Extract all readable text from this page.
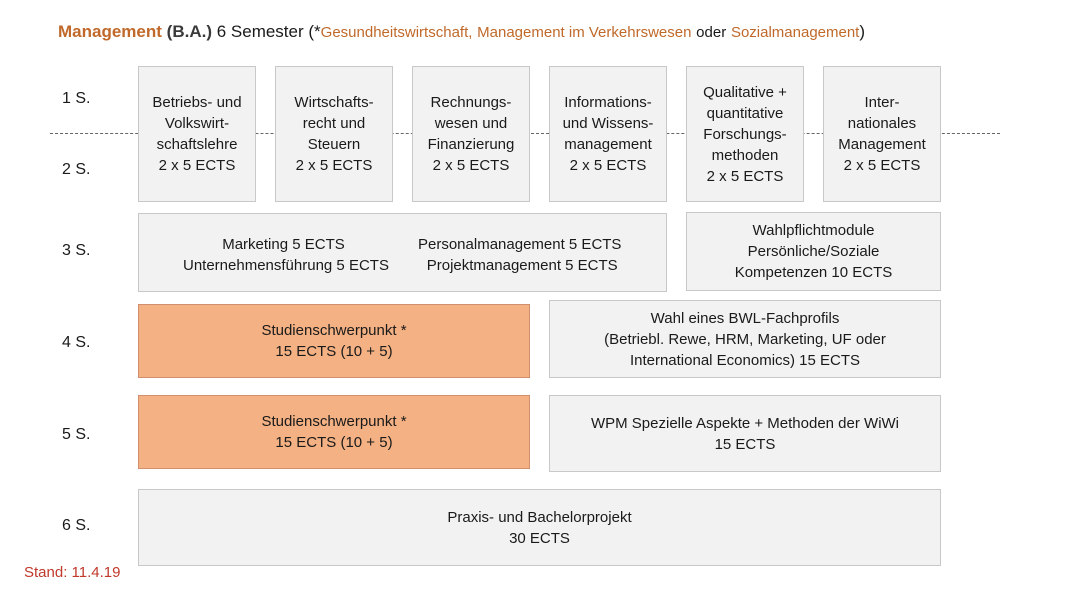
Management (B.A.) 6 Semester (*Gesundheitswirtschaft, Management im Verkehrswesen oder Sozialmanagement)
1 S.
2 S.
3 S.
4 S.
5 S.
6 S.
Betriebs- und
Volkswirt-
schaftslehre
2 x 5 ECTS
Wirtschafts-
recht und
Steuern
2 x 5 ECTS
Rechnungs-
wesen und
Finanzierung
2 x 5 ECTS
Informations-
und Wissens-
management
2 x 5 ECTS
Qualitative +
quantitative
Forschungs-
methoden
2 x 5 ECTS
Inter-
nationales
Management
2 x 5 ECTS
Marketing 5 ECTS
Unternehmensführung 5 ECTS
Personalmanagement 5 ECTS
Projektmanagement 5 ECTS
Wahlpflichtmodule
Persönliche/Soziale
Kompetenzen 10 ECTS
Studienschwerpunkt *
15 ECTS (10 + 5)
Wahl eines BWL-Fachprofils
(Betriebl. Rewe, HRM, Marketing, UF oder
International Economics) 15 ECTS
Studienschwerpunkt *
15 ECTS (10 + 5)
WPM Spezielle Aspekte + Methoden der WiWi
15 ECTS
Praxis- und Bachelorprojekt
30 ECTS
Stand: 11.4.19
